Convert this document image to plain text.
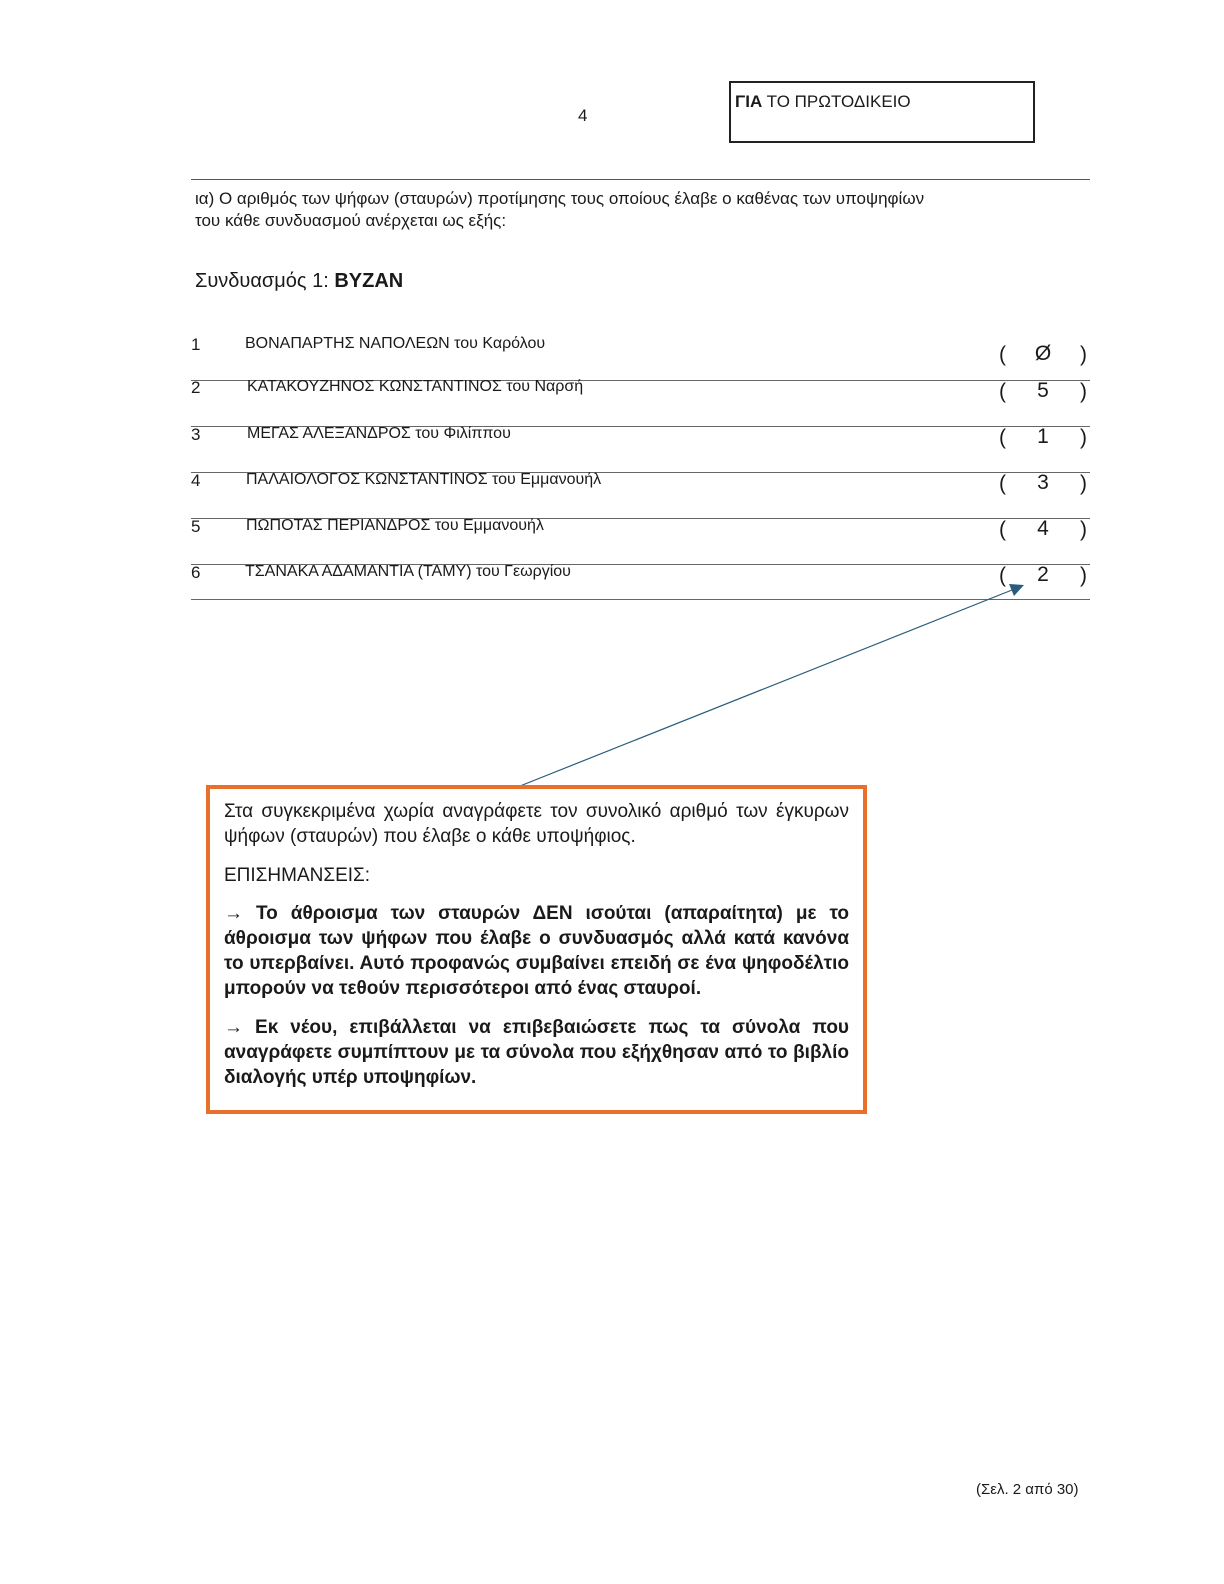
4
ΓΙΑ ΤΟ ΠΡΩΤΟΔΙΚΕΙΟ
ια) Ο αριθμός των ψήφων (σταυρών) προτίμησης τους οποίους έλαβε ο καθένας των υποψηφίων
του κάθε συνδυασμού ανέρχεται ως εξής:
Συνδυασμός 1: ΒΥΖΑΝ
1	ΒΟΝΑΠΑΡΤΗΣ ΝΑΠΟΛΕΩΝ του Καρόλου	(	Ø	)
2	ΚΑΤΑΚΟΥΖΗΝΟΣ ΚΩΝΣΤΑΝΤΙΝΟΣ του Ναρσή	(	5	)
3	ΜΕΓΑΣ ΑΛΕΞΑΝΔΡΟΣ του Φιλίππου	(	1	)
4	ΠΑΛΑΙΟΛΟΓΟΣ ΚΩΝΣΤΑΝΤΙΝΟΣ του Εμμανουήλ	(	3	)
5	ΠΩΠΟΤΑΣ ΠΕΡΙΑΝΔΡΟΣ του Εμμανουήλ	(	4	)
6	ΤΣΑΝΑΚΑ ΑΔΑΜΑΝΤΙΑ (ΤΑΜΥ) του Γεωργίου	(	2	)

Στα συγκεκριμένα χωρία αναγράφετε τον συνολικό αριθμό των έγκυρων ψήφων (σταυρών) που έλαβε ο κάθε υποψήφιος.

ΕΠΙΣΗΜΑΝΣΕΙΣ:

→ Το άθροισμα των σταυρών ΔΕΝ ισούται (απαραίτητα) με το άθροισμα των ψήφων που έλαβε ο συνδυασμός αλλά κατά κανόνα το υπερβαίνει. Αυτό προφανώς συμβαίνει επειδή σε ένα ψηφοδέλτιο μπορούν να τεθούν περισσότεροι από ένας σταυροί.

→ Εκ νέου, επιβάλλεται να επιβεβαιώσετε πως τα σύνολα που αναγράφετε συμπίπτουν με τα σύνολα που εξήχθησαν από το βιβλίο διαλογής υπέρ υποψηφίων.

(Σελ. 2 από 30)
